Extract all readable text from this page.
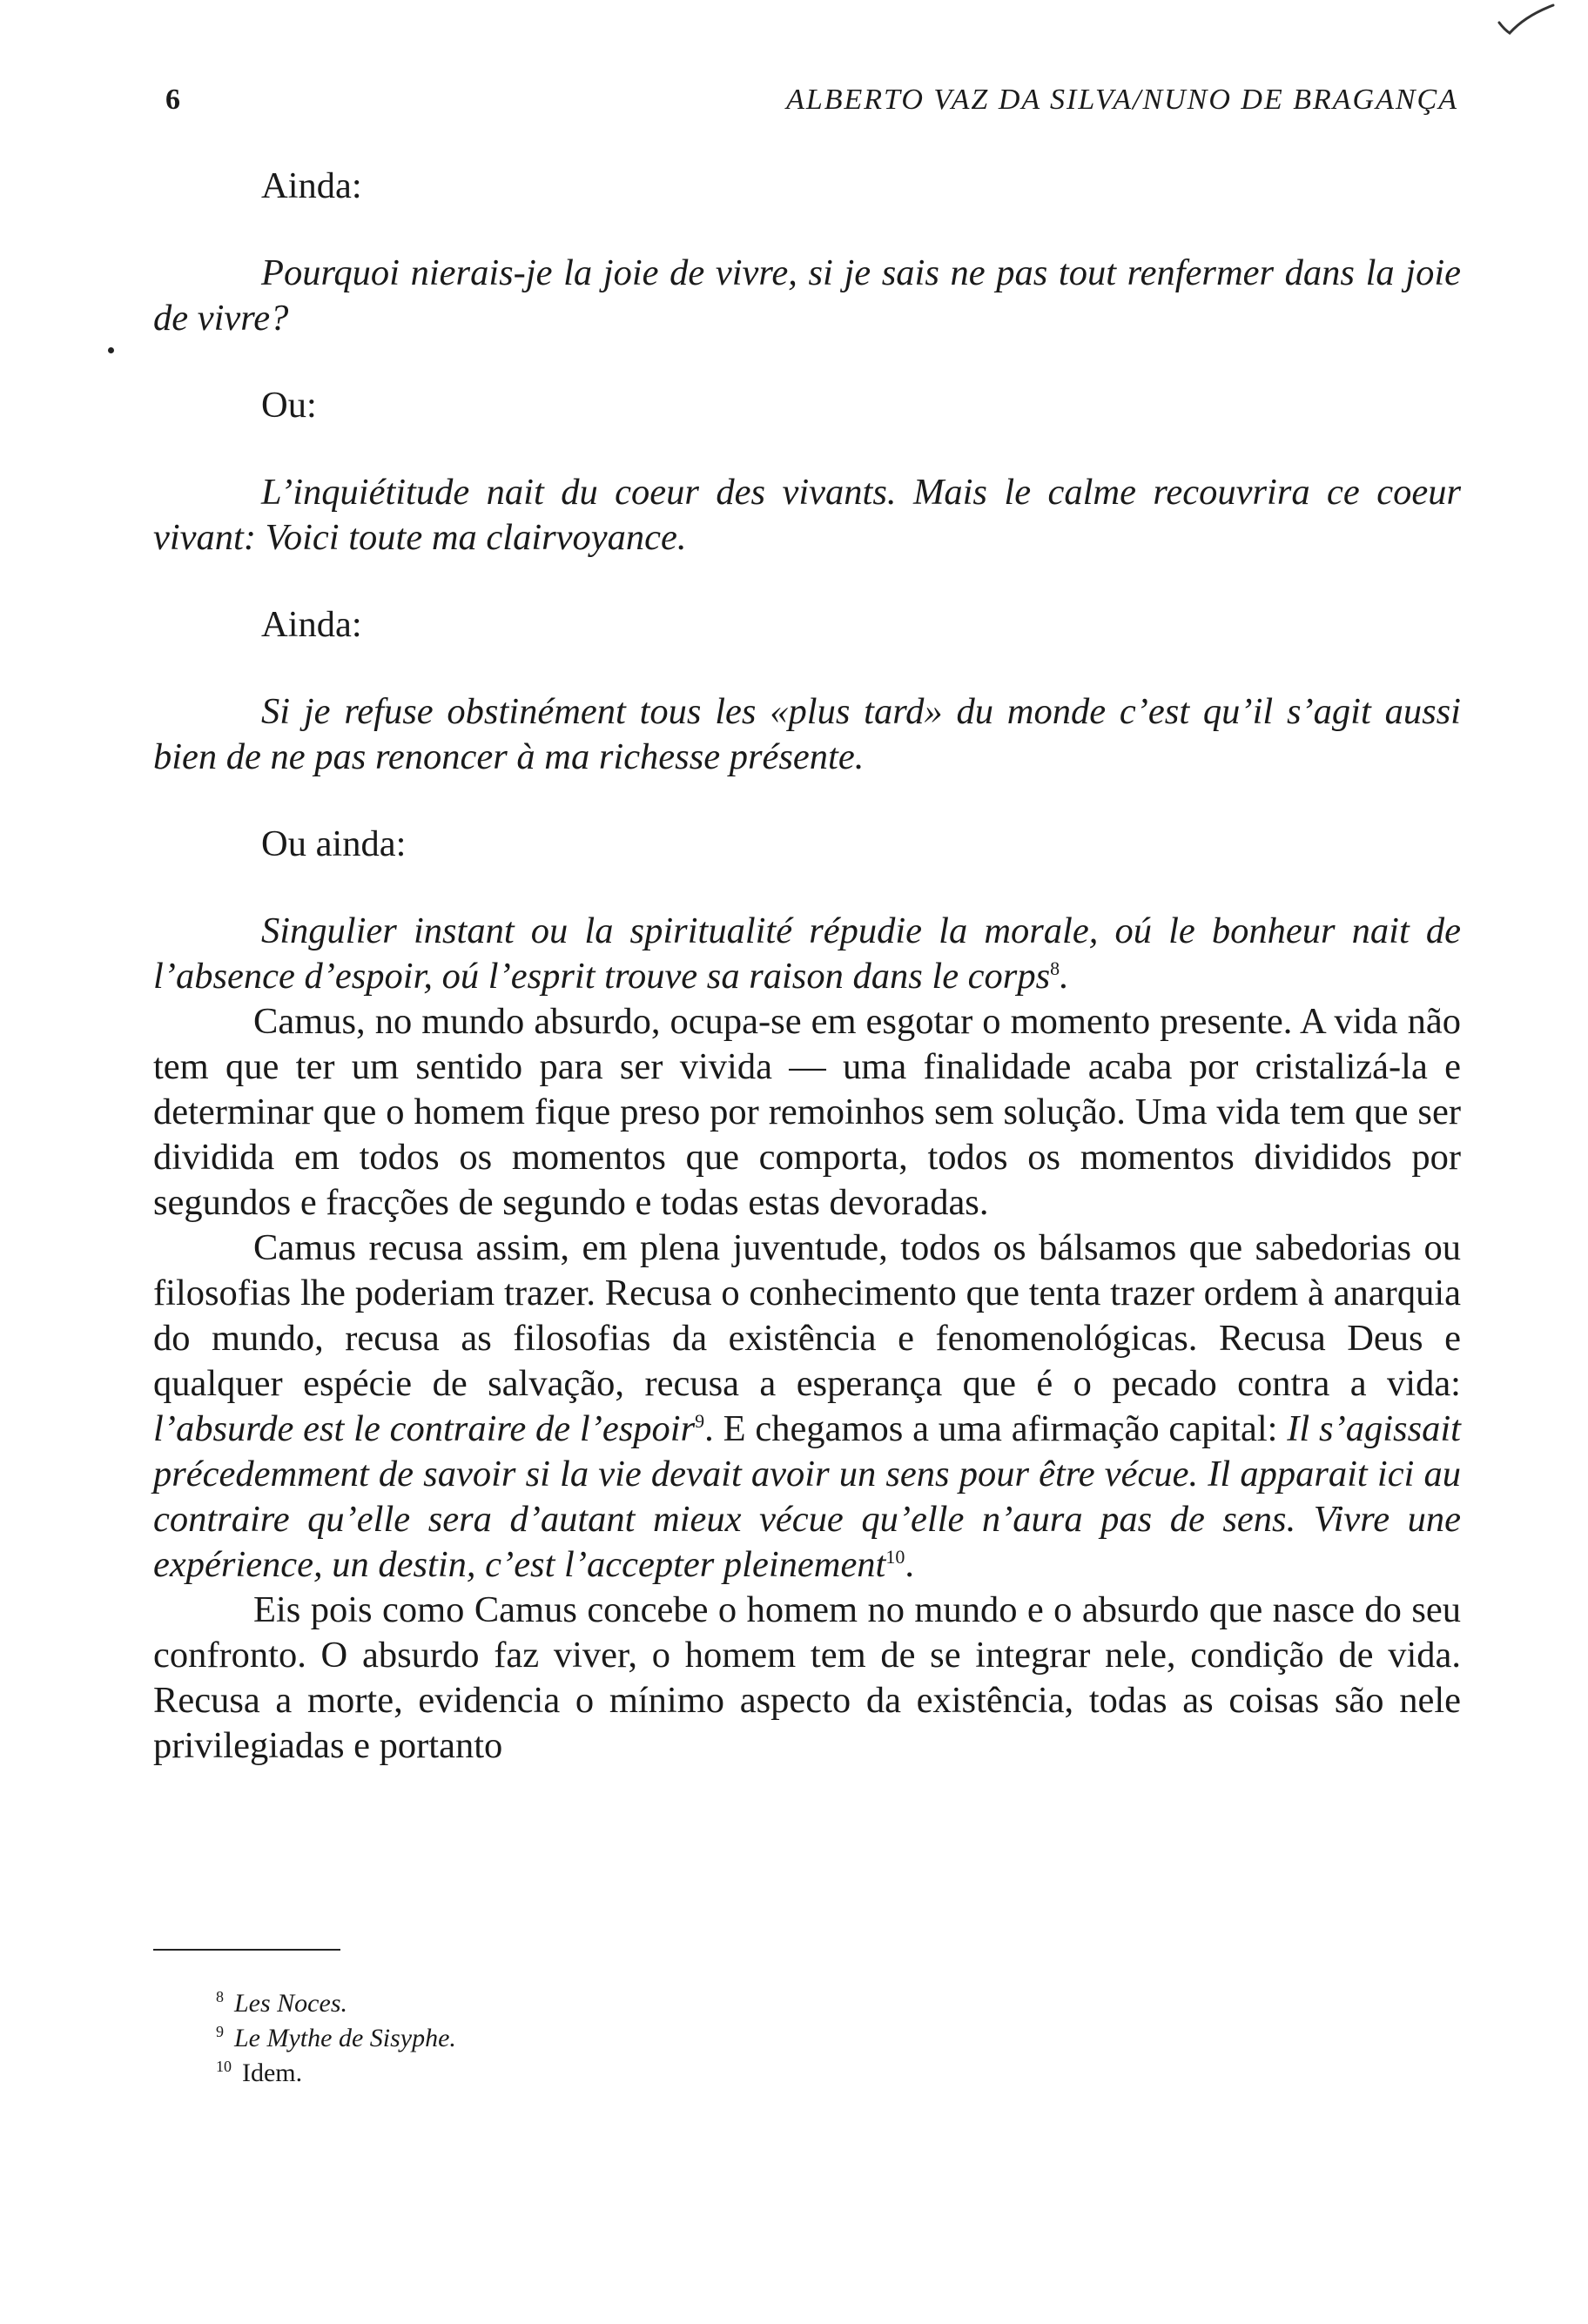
6	ALBERTO VAZ DA SILVA/NUNO DE BRAGANÇA

Ainda:

Pourquoi nierais-je la joie de vivre, si je sais ne pas tout renfermer dans la joie de vivre?

Ou:

L’inquiétitude nait du coeur des vivants. Mais le calme recouvrira ce coeur vivant: Voici toute ma clairvoyance.

Ainda:

Si je refuse obstinément tous les «plus tard» du monde c’est qu’il s’agit aussi bien de ne pas renoncer à ma richesse présente.

Ou ainda:

Singulier instant ou la spiritualité répudie la morale, oú le bonheur nait de l’absence d’espoir, oú l’esprit trouve sa raison dans le corps$^8$.

Camus, no mundo absurdo, ocupa-se em esgotar o momento presente. A vida não tem que ter um sentido para ser vivida — uma finalidade acaba por cristalizá-la e determinar que o homem fique preso por remoinhos sem solução. Uma vida tem que ser dividida em todos os momentos que comporta, todos os momentos divididos por segundos e fracções de segundo e todas estas devoradas.

Camus recusa assim, em plena juventude, todos os bálsamos que sabedorias ou filosofias lhe poderiam trazer. Recusa o conhecimento que tenta trazer ordem à anarquia do mundo, recusa as filosofias da existência e fenomenológicas. Recusa Deus e qualquer espécie de salvação, recusa a esperança que é o pecado contra a vida: l’absurde est le contraire de l’espoir$^9$. E chegamos a uma afirmação capital: Il s’agissait précedemment de savoir si la vie devait avoir un sens pour être vécue. Il apparait ici au contraire qu’elle sera d’autant mieux vécue qu’elle n’aura pas de sens. Vivre une expérience, un destin, c’est l’accepter pleinement$^{10}$.

Eis pois como Camus concebe o homem no mundo e o absurdo que nasce do seu confronto. O absurdo faz viver, o homem tem de se integrar nele, condição de vida. Recusa a morte, evidencia o mínimo aspecto da existência, todas as coisas são nele privilegiadas e portanto

$^8$ Les Noces.

$^9$ Le Mythe de Sisyphe.

$^{10}$ Idem.
